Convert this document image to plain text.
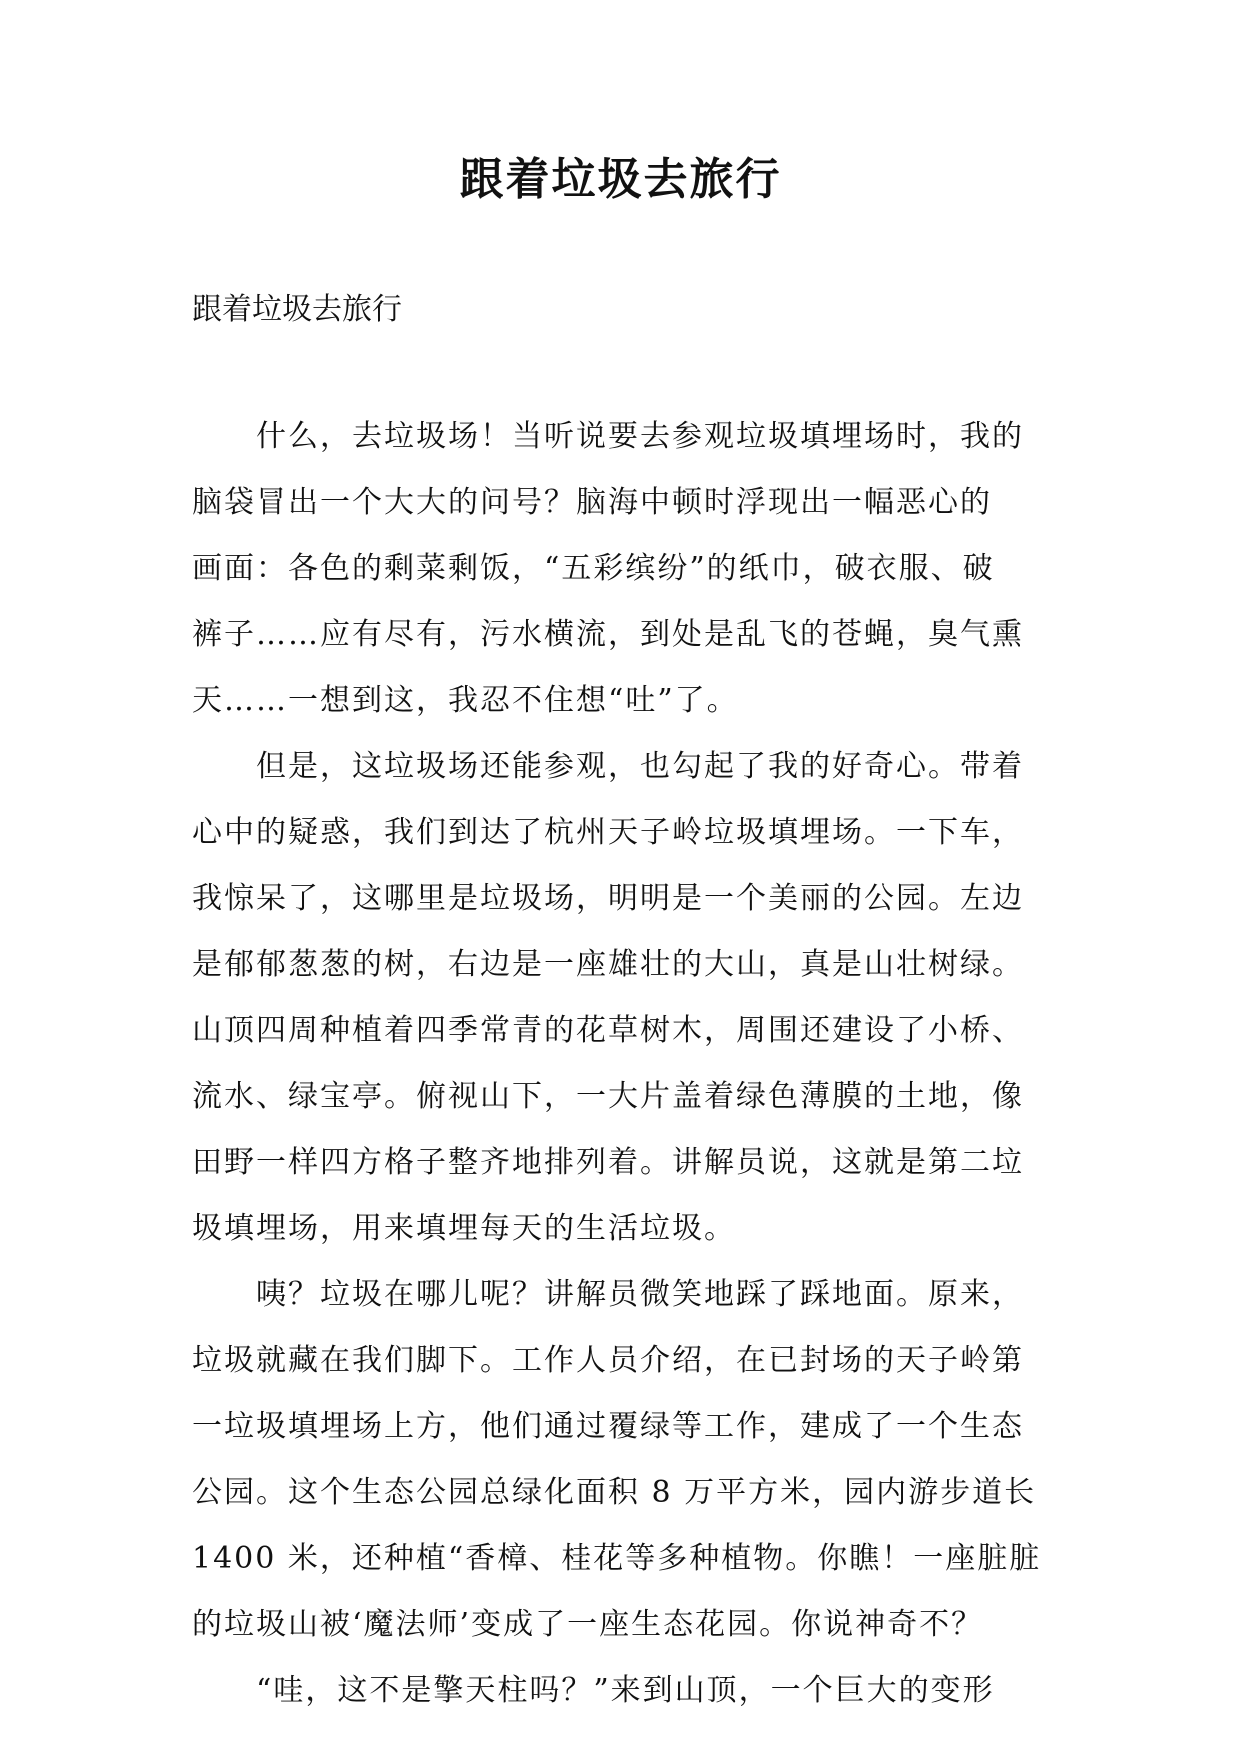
跟着垃圾去旅行

跟着垃圾去旅行

什么，去垃圾场！当听说要去参观垃圾填埋场时，我的
脑袋冒出一个大大的问号？脑海中顿时浮现出一幅恶心的
画面：各色的剩菜剩饭，“五彩缤纷”的纸巾，破衣服、破
裤子……应有尽有，污水横流，到处是乱飞的苍蝇，臭气熏
天……一想到这，我忍不住想“吐”了。

但是，这垃圾场还能参观，也勾起了我的好奇心。带着
心中的疑惑，我们到达了杭州天子岭垃圾填埋场。一下车，
我惊呆了，这哪里是垃圾场，明明是一个美丽的公园。左边
是郁郁葱葱的树，右边是一座雄壮的大山，真是山壮树绿。
山顶四周种植着四季常青的花草树木，周围还建设了小桥、
流水、绿宝亭。俯视山下，一大片盖着绿色薄膜的土地，像
田野一样四方格子整齐地排列着。讲解员说，这就是第二垃
圾填埋场，用来填埋每天的生活垃圾。

咦？垃圾在哪儿呢？讲解员微笑地踩了踩地面。原来，
垃圾就藏在我们脚下。工作人员介绍，在已封场的天子岭第
一垃圾填埋场上方，他们通过覆绿等工作，建成了一个生态
公园。这个生态公园总绿化面积 8 万平方米，园内游步道长
1400 米，还种植“香樟、桂花等多种植物。你瞧！一座脏脏
的垃圾山被‘魔法师’变成了一座生态花园。你说神奇不？

“哇，这不是擎天柱吗？”来到山顶，一个巨大的变形
